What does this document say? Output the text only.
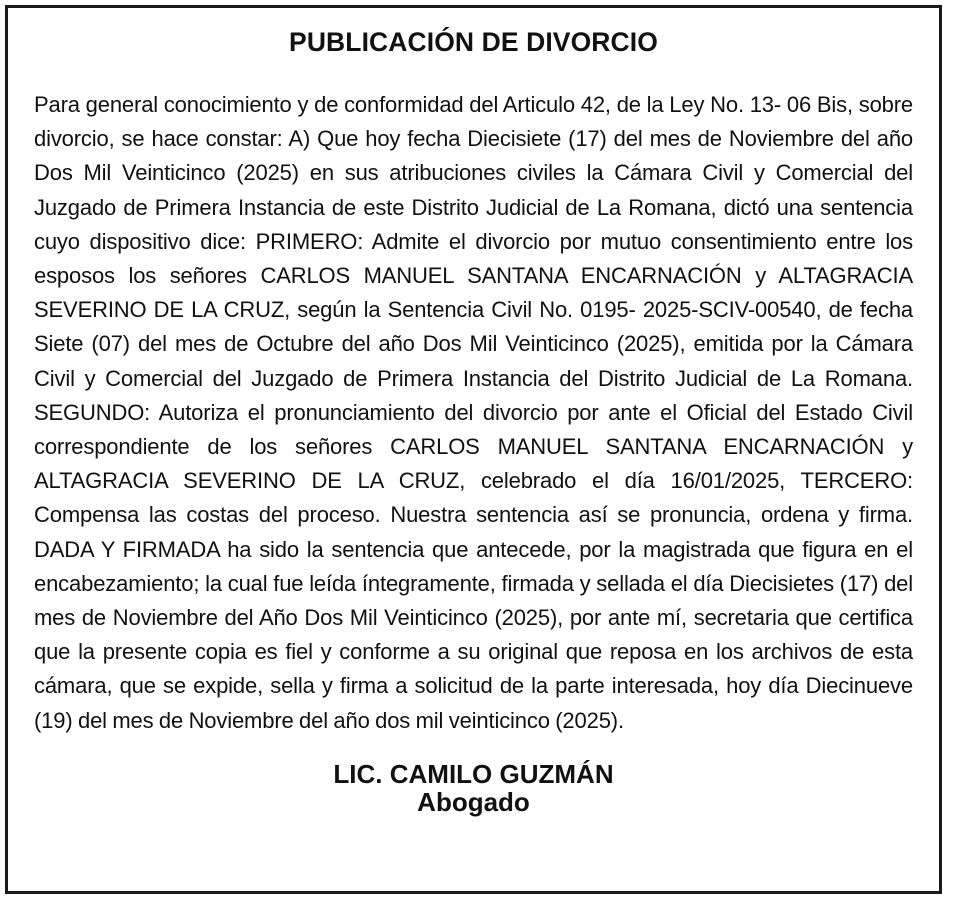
PUBLICACIÓN DE DIVORCIO

Para general conocimiento y de conformidad del Articulo 42, de la Ley No. 13- 06 Bis, sobre divorcio, se hace constar: A) Que hoy fecha Diecisiete (17) del mes de Noviembre del año Dos Mil Veinticinco (2025) en sus atribuciones civiles la Cámara Civil y Comercial del Juzgado de Primera Instancia de este Distrito Judicial de La Romana, dictó una sentencia cuyo dispositivo dice: PRIMERO: Admite el divorcio por mutuo consentimiento entre los esposos los señores CARLOS MANUEL SANTANA ENCARNACIÓN y ALTAGRACIA SEVERINO DE LA CRUZ, según la Sentencia Civil No. 0195- 2025-SCIV-00540, de fecha Siete (07) del mes de Octubre del año Dos Mil Veinticinco (2025), emitida por la Cámara Civil y Comercial del Juzgado de Primera Instancia del Distrito Judicial de La Romana. SEGUNDO: Autoriza el pronunciamiento del divorcio por ante el Oficial del Estado Civil correspondiente de los señores CARLOS MANUEL SANTANA ENCARNACIÓN y ALTAGRACIA SEVERINO DE LA CRUZ, celebrado el día 16/01/2025, TERCERO: Compensa las costas del proceso. Nuestra sentencia así se pronuncia, ordena y firma. DADA Y FIRMADA ha sido la sentencia que antecede, por la magistrada que figura en el encabezamiento; la cual fue leída íntegramente, firmada y sellada el día Diecisietes (17) del mes de Noviembre del Año Dos Mil Veinticinco (2025), por ante mí, secretaria que certifica que la presente copia es fiel y conforme a su original que reposa en los archivos de esta cámara, que se expide, sella y firma a solicitud de la parte interesada, hoy día Diecinueve (19) del mes de Noviembre del año dos mil veinticinco (2025).

LIC. CAMILO GUZMÁN
Abogado
